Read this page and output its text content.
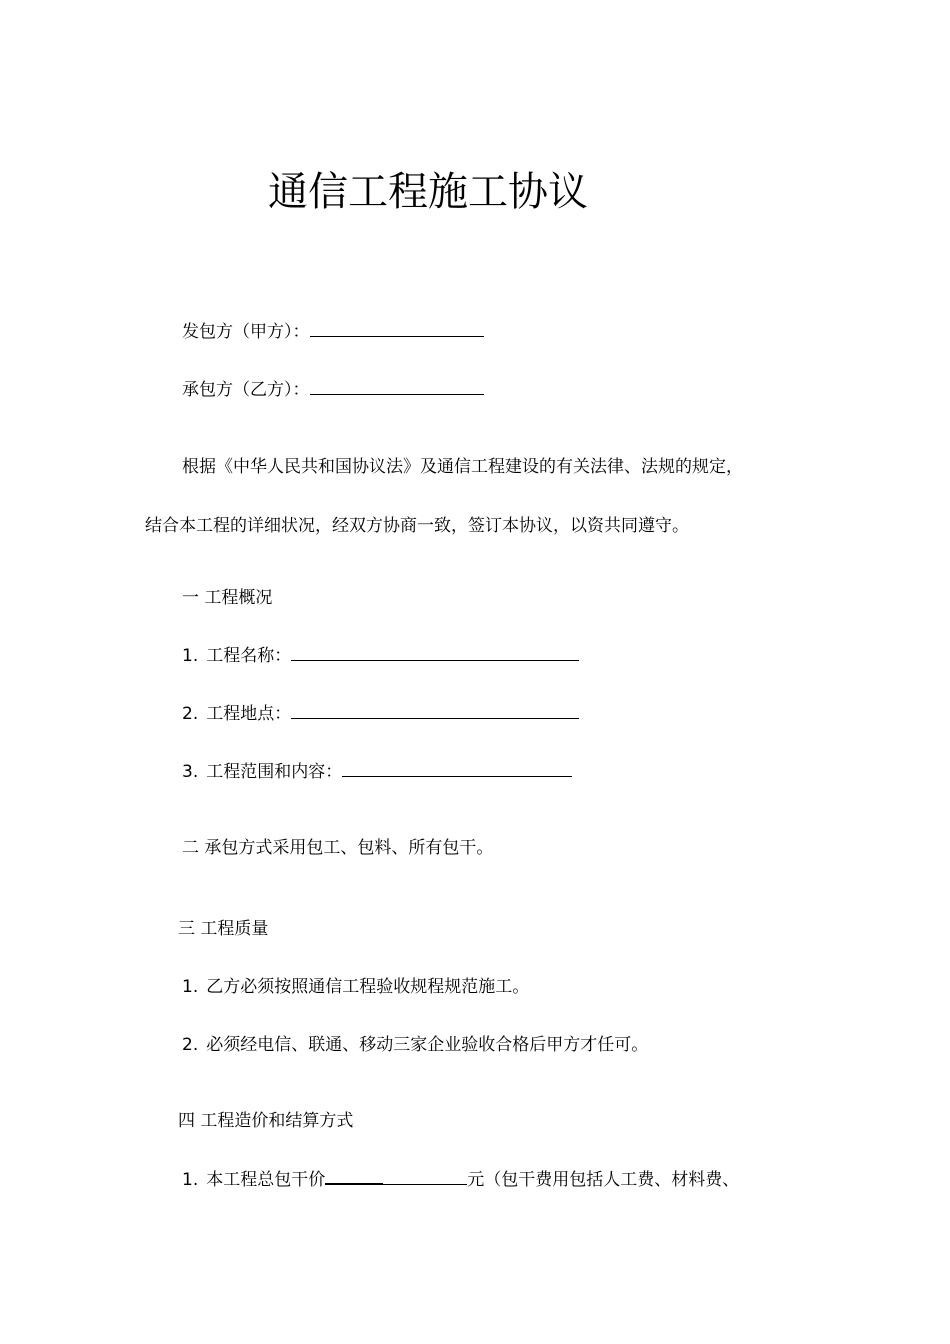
通信工程施工协议
发包方（甲方）：
承包方（乙方）：
根据《中华人民共和国协议法》及通信工程建设的有关法律、法规的规定，
结合本工程的详细状况，经双方协商一致，签订本协议，以资共同遵守。
一 工程概况
1. 工程名称：
2. 工程地点：
3. 工程范围和内容：
二 承包方式采用包工、包料、所有包干。
三 工程质量
1. 乙方必须按照通信工程验收规程规范施工。
2. 必须经电信、联通、移动三家企业验收合格后甲方才任可。
四 工程造价和结算方式
1. 本工程总包干价	元（包干费用包括人工费、材料费、
